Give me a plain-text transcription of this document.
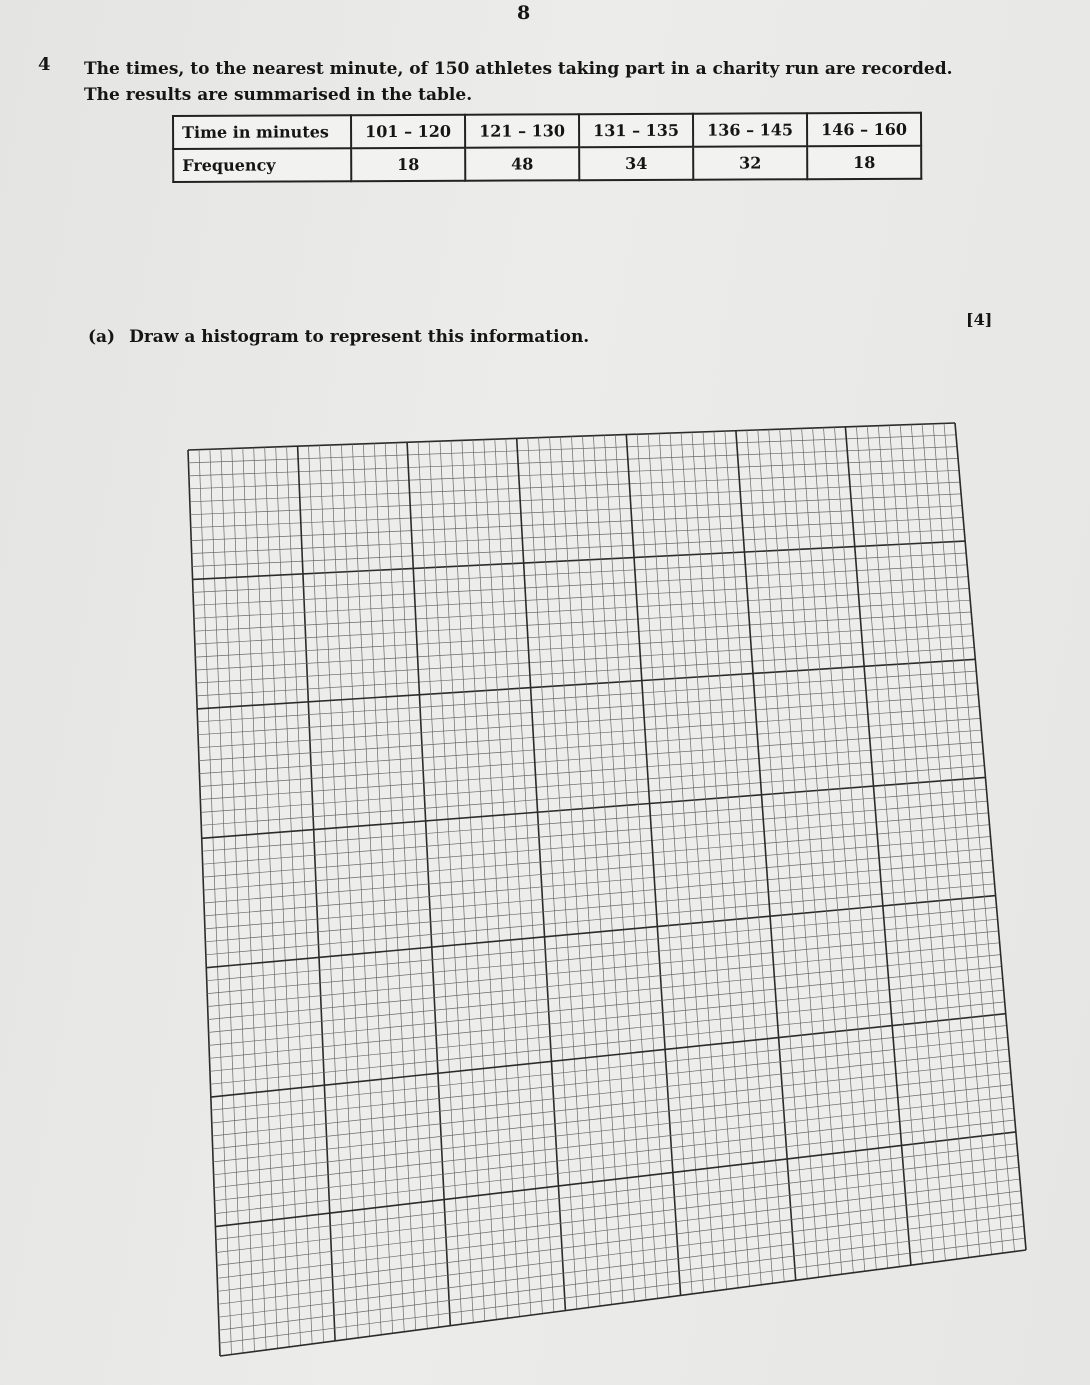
8
4 The times, to the nearest minute, of 150 athletes taking part in a charity run are recorded. The results are summarised in the table.
Time in minutes	101 – 120	121 – 130	131 – 135	136 – 145	146 – 160
Frequency	18	48	34	32	18
[4]
(a) Draw a histogram to represent this information.
